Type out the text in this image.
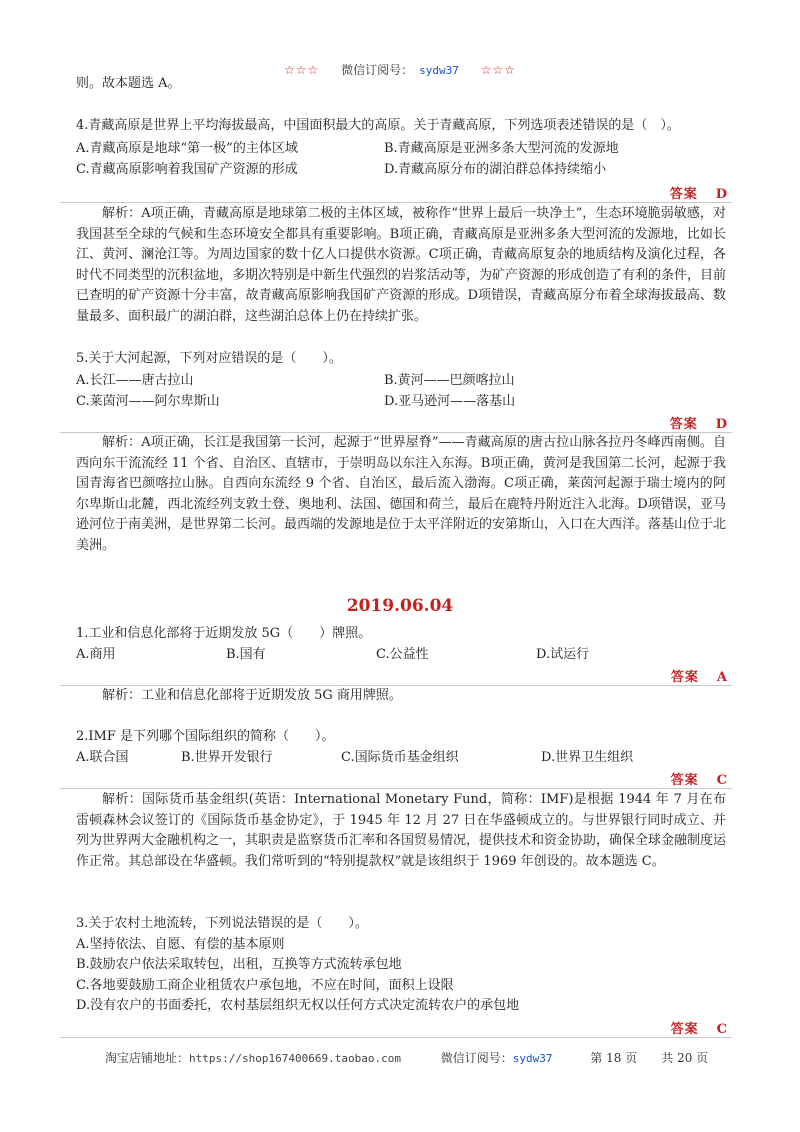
☆☆☆ 微信订阅号： sydw37 ☆☆☆
则。故本题选 A。
4.青藏高原是世界上平均海拔最高，中国面积最大的高原。关于青藏高原，下列选项表述错误的是（　）。
A.青藏高原是地球“第一极”的主体区域	B.青藏高原是亚洲多条大型河流的发源地
C.青藏高原影响着我国矿产资源的形成	D.青藏高原分布的湖泊群总体持续缩小
答案 D
解析：A项正确，青藏高原是地球第二极的主体区域，被称作“世界上最后一块净土”，生态环境脆弱敏感，对我国甚至全球的气候和生态环境安全都具有重要影响。B项正确，青藏高原是亚洲多条大型河流的发源地，比如长江、黄河、澜沧江等。为周边国家的数十亿人口提供水资源。C项正确，青藏高原复杂的地质结构及演化过程，各时代不同类型的沉积盆地，多期次特别是中新生代强烈的岩浆活动等，为矿产资源的形成创造了有利的条件，目前已查明的矿产资源十分丰富，故青藏高原影响我国矿产资源的形成。D项错误，青藏高原分布着全球海拔最高、数量最多、面积最广的湖泊群，这些湖泊总体上仍在持续扩张。
5.关于大河起源，下列对应错误的是（　　）。
A.长江——唐古拉山	B.黄河——巴颜喀拉山
C.莱茵河——阿尔卑斯山	D.亚马逊河——落基山
答案 D
解析：A项正确，长江是我国第一长河，起源于“世界屋脊”——青藏高原的唐古拉山脉各拉丹冬峰西南侧。自西向东干流流经 11 个省、自治区、直辖市，于崇明岛以东注入东海。B项正确，黄河是我国第二长河，起源于我国青海省巴颜喀拉山脉。自西向东流经 9 个省、自治区，最后流入渤海。C项正确，莱茵河起源于瑞士境内的阿尔卑斯山北麓，西北流经列支敦士登、奥地利、法国、德国和荷兰，最后在鹿特丹附近注入北海。D项错误，亚马逊河位于南美洲，是世界第二长河。最西端的发源地是位于太平洋附近的安第斯山，入口在大西洋。落基山位于北美洲。
2019.06.04
1.工业和信息化部将于近期发放 5G（　　）牌照。
A.商用	B.国有	C.公益性	D.试运行
答案 A
解析：工业和信息化部将于近期发放 5G 商用牌照。
2.IMF 是下列哪个国际组织的简称（　　）。
A.联合国	B.世界开发银行	C.国际货币基金组织	D.世界卫生组织
答案 C
解析：国际货币基金组织(英语：International Monetary Fund，简称：IMF)是根据 1944 年 7 月在布雷顿森林会议签订的《国际货币基金协定》，于 1945 年 12 月 27 日在华盛顿成立的。与世界银行同时成立、并列为世界两大金融机构之一，其职责是监察货币汇率和各国贸易情况，提供技术和资金协助，确保全球金融制度运作正常。其总部设在华盛顿。我们常听到的“特别提款权”就是该组织于 1969 年创设的。故本题选 C。
3.关于农村土地流转，下列说法错误的是（　　）。
A.坚持依法、自愿、有偿的基本原则
B.鼓励农户依法采取转包，出租，互换等方式流转承包地
C.各地要鼓励工商企业租赁农户承包地，不应在时间，面积上设限
D.没有农户的书面委托，农村基层组织无权以任何方式决定流转农户的承包地
答案 C
淘宝店铺地址：https://shop167400669.taobao.com	微信订阅号：sydw37	第 18 页　　共 20 页
